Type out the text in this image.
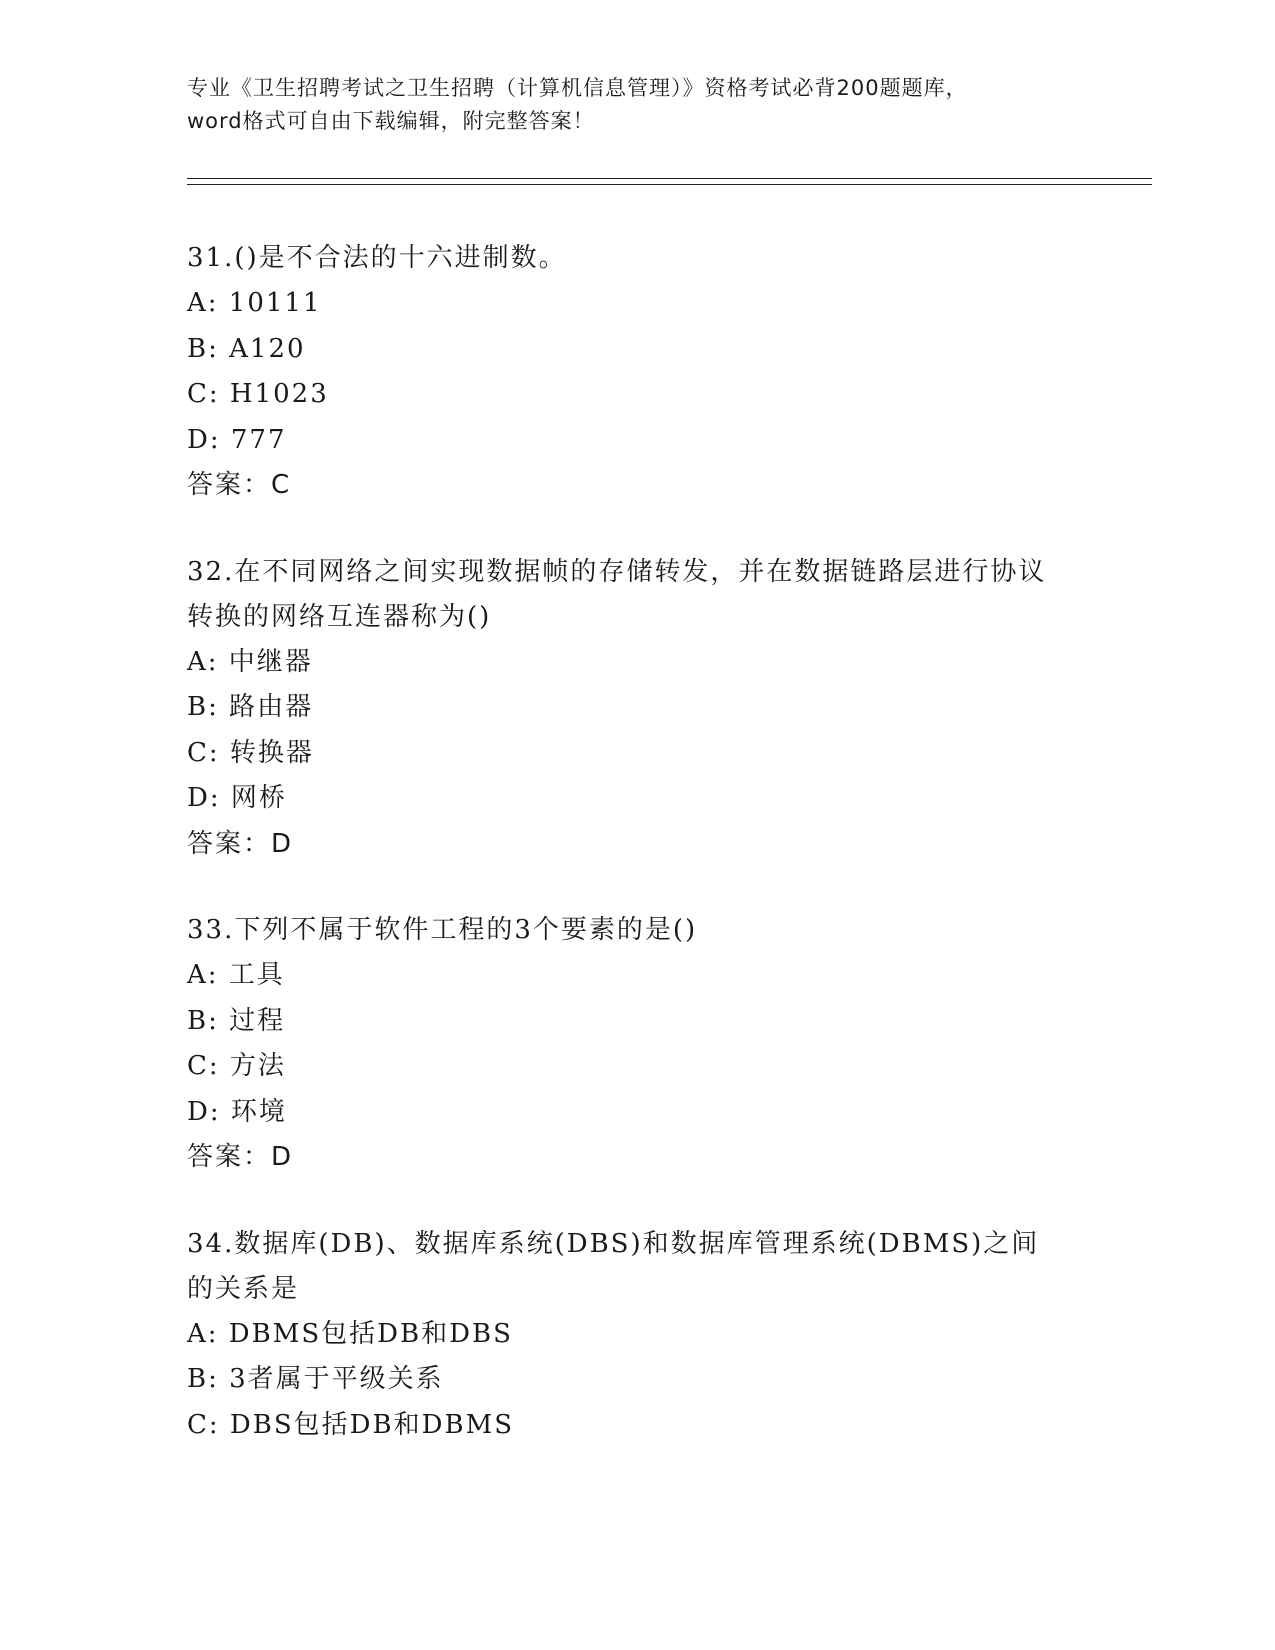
专业《卫生招聘考试之卫生招聘（计算机信息管理）》资格考试必背200题题库，
word格式可自由下载编辑，附完整答案！
31.()是不合法的十六进制数。
A: 10111
B: A120
C: H1023
D: 777
答案：C
32.在不同网络之间实现数据帧的存储转发，并在数据链路层进行协议转换的网络互连器称为()
A: 中继器
B: 路由器
C: 转换器
D: 网桥
答案：D
33.下列不属于软件工程的3个要素的是()
A: 工具
B: 过程
C: 方法
D: 环境
答案：D
34.数据库(DB)、数据库系统(DBS)和数据库管理系统(DBMS)之间的关系是
A: DBMS包括DB和DBS
B: 3者属于平级关系
C: DBS包括DB和DBMS
